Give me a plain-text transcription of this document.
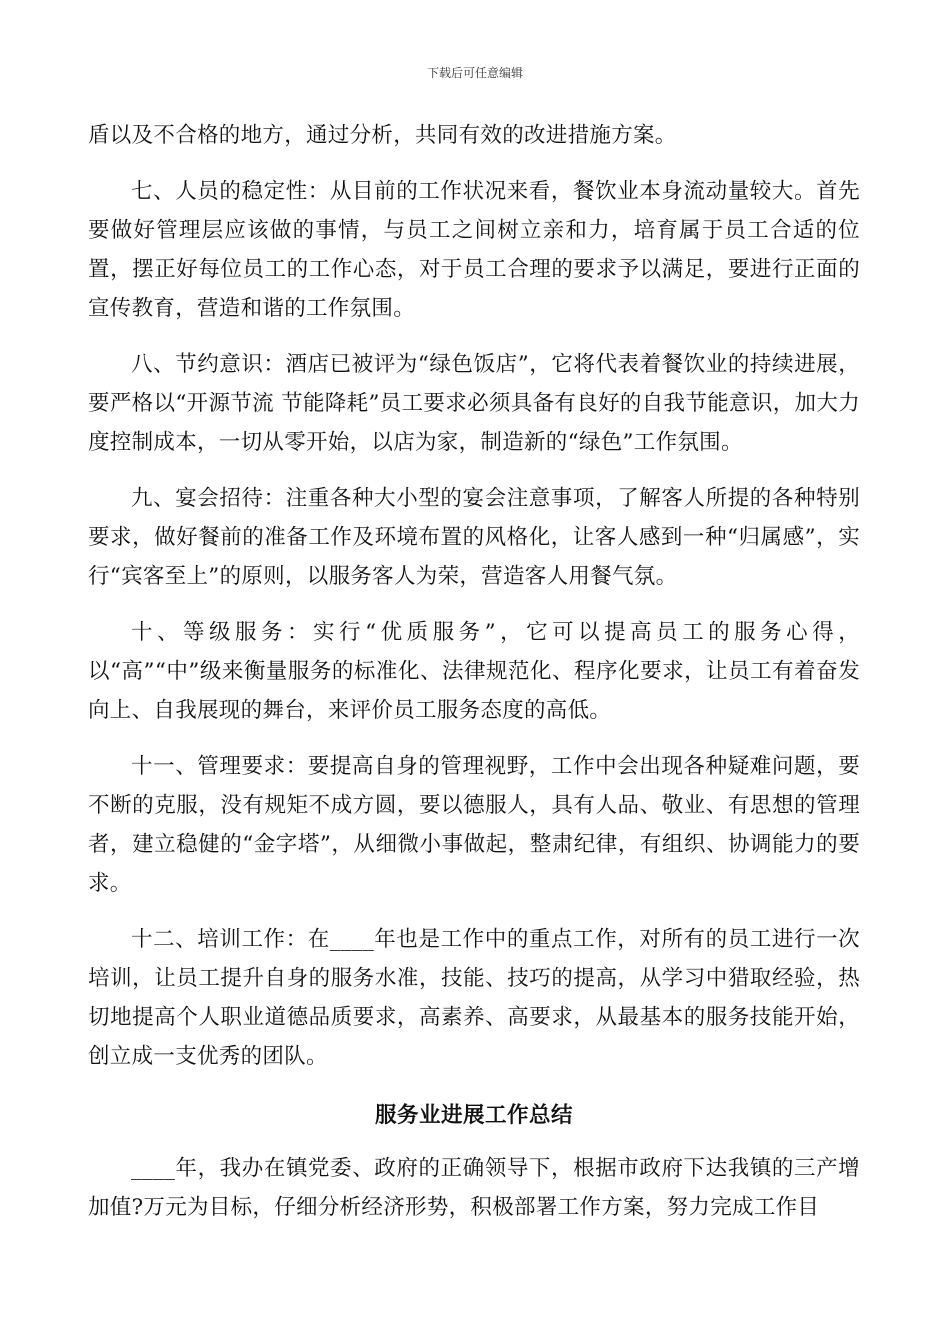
下载后可任意编辑

盾以及不合格的地方，通过分析，共同有效的改进措施方案。

七、人员的稳定性：从目前的工作状况来看，餐饮业本身流动量较大。首先要做好管理层应该做的事情，与员工之间树立亲和力，培育属于员工合适的位置，摆正好每位员工的工作心态，对于员工合理的要求予以满足，要进行正面的宣传教育，营造和谐的工作氛围。

八、节约意识：酒店已被评为“绿色饭店”，它将代表着餐饮业的持续进展，要严格以“开源节流 节能降耗”员工要求必须具备有良好的自我节能意识，加大力度控制成本，一切从零开始，以店为家，制造新的“绿色”工作氛围。

九、宴会招待：注重各种大小型的宴会注意事项，了解客人所提的各种特别要求，做好餐前的准备工作及环境布置的风格化，让客人感到一种“归属感”，实行“宾客至上”的原则，以服务客人为荣，营造客人用餐气氛。

十、等级服务：实行“优质服务”，它可以提高员工的服务心得，以“高”“中”级来衡量服务的标准化、法律规范化、程序化要求，让员工有着奋发向上、自我展现的舞台，来评价员工服务态度的高低。

十一、管理要求：要提高自身的管理视野，工作中会出现各种疑难问题，要不断的克服，没有规矩不成方圆，要以德服人，具有人品、敬业、有思想的管理者，建立稳健的“金字塔”，从细微小事做起，整肃纪律，有组织、协调能力的要求。

十二、培训工作：在____年也是工作中的重点工作，对所有的员工进行一次培训，让员工提升自身的服务水准，技能、技巧的提高，从学习中猎取经验，热切地提高个人职业道德品质要求，高素养、高要求，从最基本的服务技能开始，创立成一支优秀的团队。

服务业进展工作总结

____年，我办在镇党委、政府的正确领导下，根据市政府下达我镇的三产增加值?万元为目标，仔细分析经济形势，积极部署工作方案，努力完成工作目
